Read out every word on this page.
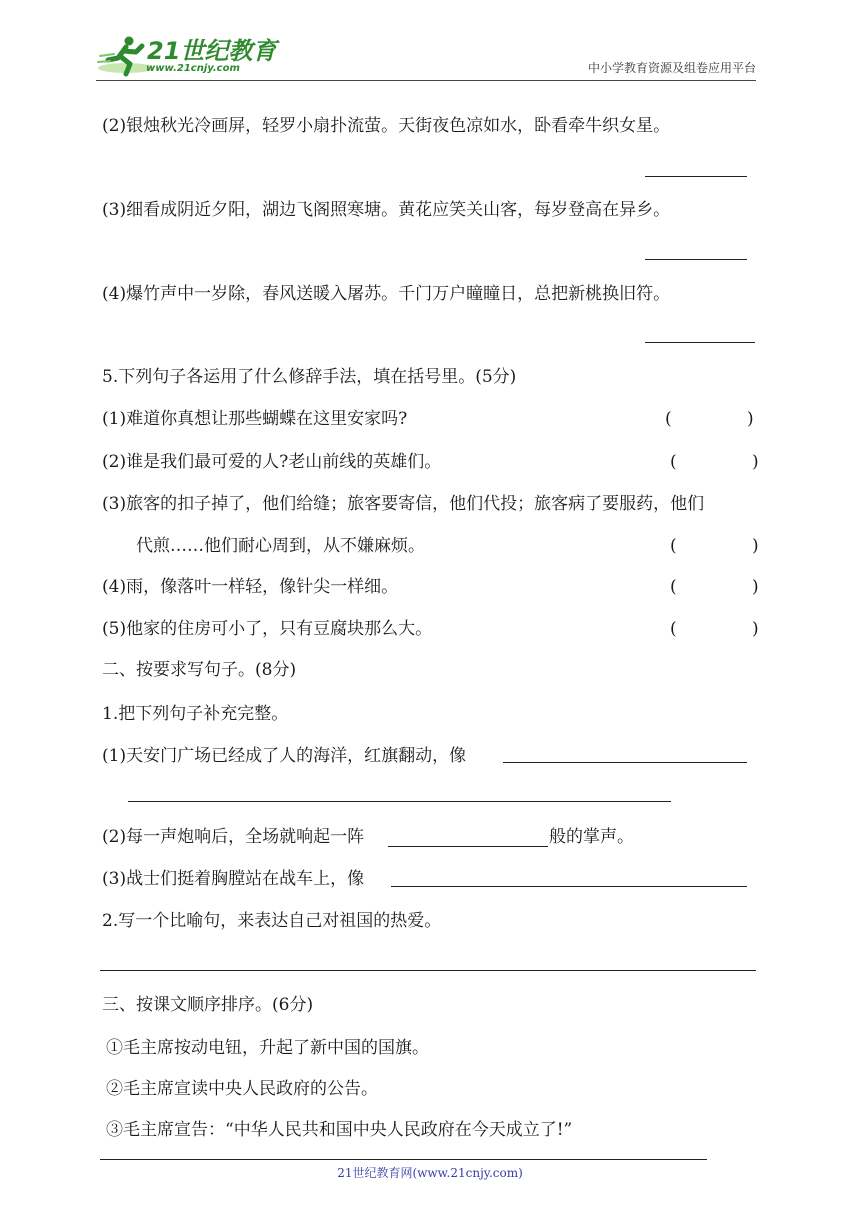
21世纪教育
www.21cnjy.com	中小学教育资源及组卷应用平台
(2)银烛秋光冷画屏，轻罗小扇扑流萤。天街夜色凉如水，卧看牵牛织女星。
(3)细看成阴近夕阳，湖边飞阁照寒塘。黄花应笑关山客，每岁登高在异乡。
(4)爆竹声中一岁除，春风送暖入屠苏。千门万户瞳瞳日，总把新桃换旧符。
5.下列句子各运用了什么修辞手法，填在括号里。(5分)
(1)难道你真想让那些蝴蝶在这里安家吗?	(	)
(2)谁是我们最可爱的人?老山前线的英雄们。	(	)
(3)旅客的扣子掉了，他们给缝；旅客要寄信，他们代投；旅客病了要服药，他们
代煎……他们耐心周到，从不嫌麻烦。	(	)
(4)雨，像落叶一样轻，像针尖一样细。	(	)
(5)他家的住房可小了，只有豆腐块那么大。	(	)
二、按要求写句子。(8分)
1.把下列句子补充完整。
(1)天安门广场已经成了人的海洋，红旗翻动，像
(2)每一声炮响后，全场就响起一阵	般的掌声。
(3)战士们挺着胸膛站在战车上，像
2.写一个比喻句，来表达自己对祖国的热爱。
三、按课文顺序排序。(6分)
①毛主席按动电钮，升起了新中国的国旗。
②毛主席宣读中央人民政府的公告。
③毛主席宣告：“中华人民共和国中央人民政府在今天成立了!”
21世纪教育网(www.21cnjy.com)
